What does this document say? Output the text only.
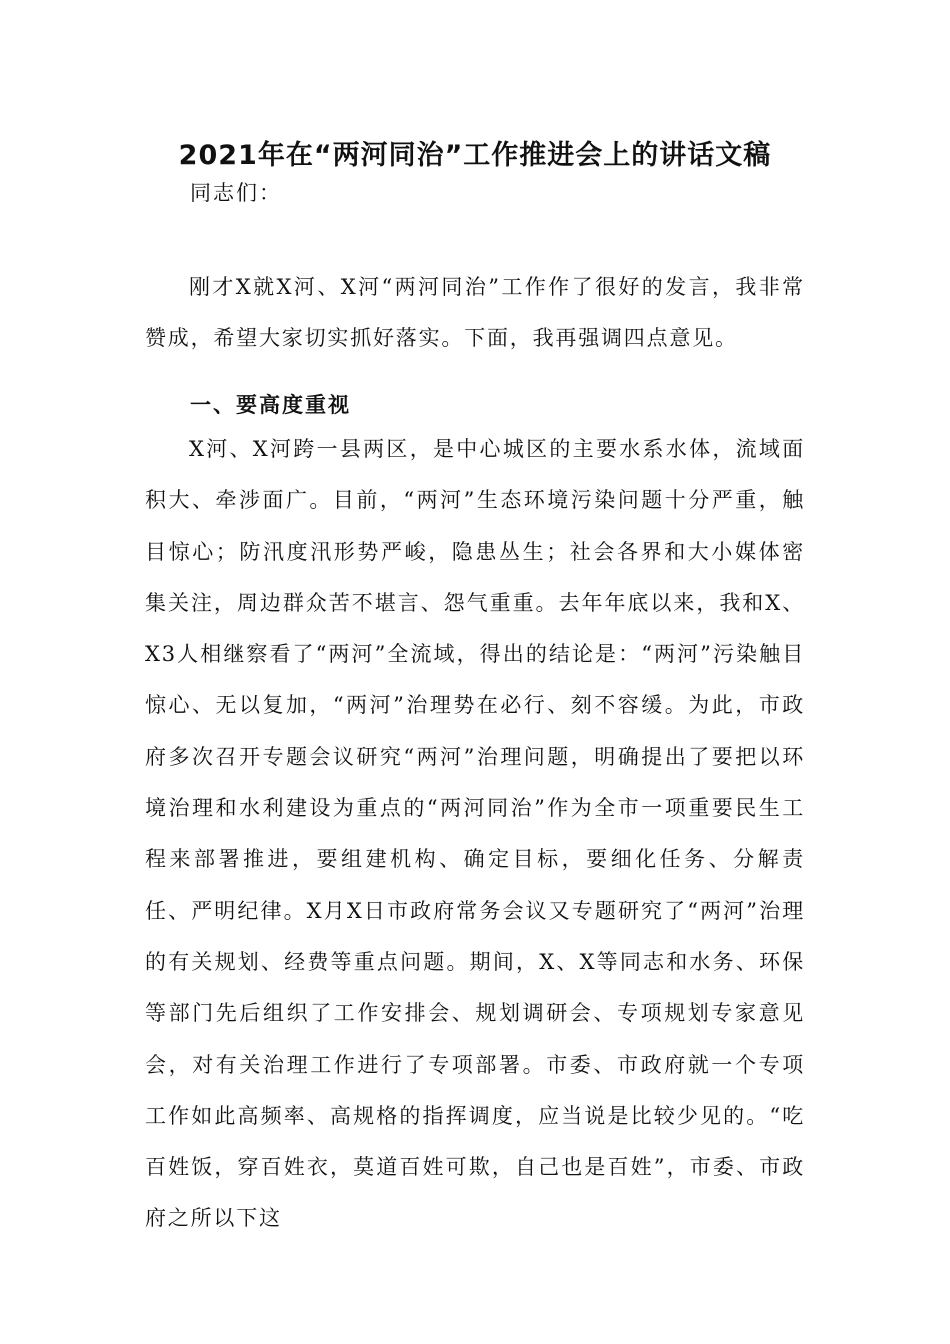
2021年在“两河同治”工作推进会上的讲话文稿

同志们：

刚才X就X河、X河“两河同治”工作作了很好的发言，我非常赞成，希望大家切实抓好落实。下面，我再强调四点意见。

一、要高度重视

X河、X河跨一县两区，是中心城区的主要水系水体，流域面积大、牵涉面广。目前，“两河”生态环境污染问题十分严重，触目惊心；防汛度汛形势严峻，隐患丛生；社会各界和大小媒体密集关注，周边群众苦不堪言、怨气重重。去年年底以来，我和X、X3人相继察看了“两河”全流域，得出的结论是：“两河”污染触目惊心、无以复加，“两河”治理势在必行、刻不容缓。为此，市政府多次召开专题会议研究“两河”治理问题，明确提出了要把以环境治理和水利建设为重点的“两河同治”作为全市一项重要民生工程来部署推进，要组建机构、确定目标，要细化任务、分解责任、严明纪律。X月X日市政府常务会议又专题研究了“两河”治理的有关规划、经费等重点问题。期间，X、X等同志和水务、环保等部门先后组织了工作安排会、规划调研会、专项规划专家意见会，对有关治理工作进行了专项部署。市委、市政府就一个专项工作如此高频率、高规格的指挥调度，应当说是比较少见的。“吃百姓饭，穿百姓衣，莫道百姓可欺，自己也是百姓”，市委、市政府之所以下这
